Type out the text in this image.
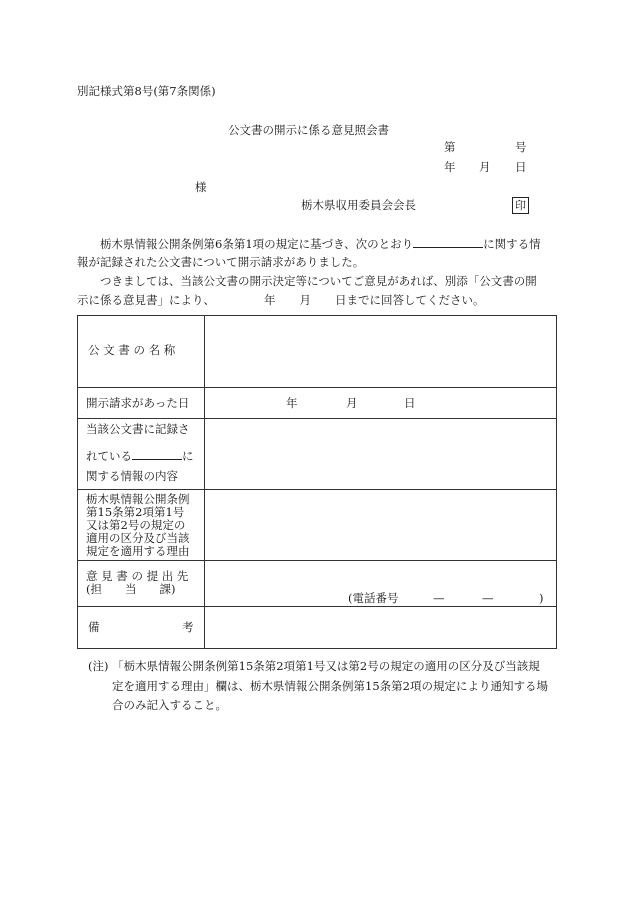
別記様式第8号(第7条関係)
公文書の開示に係る意見照会書
第	号
年 月 日
様
栃木県収用委員会会長	印
栃木県情報公開条例第6条第1項の規定に基づき、次のとおり	に関する情
報が記録された公文書について開示請求がありました。
つきましては、当該公文書の開示決定等についてご意見があれば、別添「公文書の開
示に係る意見書」により、	年 月 日までに回答してください。
公 文 書 の 名 称
開示請求があった日	年	月	日
当該公文書に記録さ
れている	に
関する情報の内容
栃木県情報公開条例
第15条第2項第1号
又は第2号の規定の
適用の区分及び当該
規定を適用する理由
意 見 書 の 提 出 先
(担　　当　　課)
(電話番号	—	—	)
備	考
(注) 「栃木県情報公開条例第15条第2項第1号又は第2号の規定の適用の区分及び当該規
定を適用する理由」欄は、栃木県情報公開条例第15条第2項の規定により通知する場
合のみ記入すること。
